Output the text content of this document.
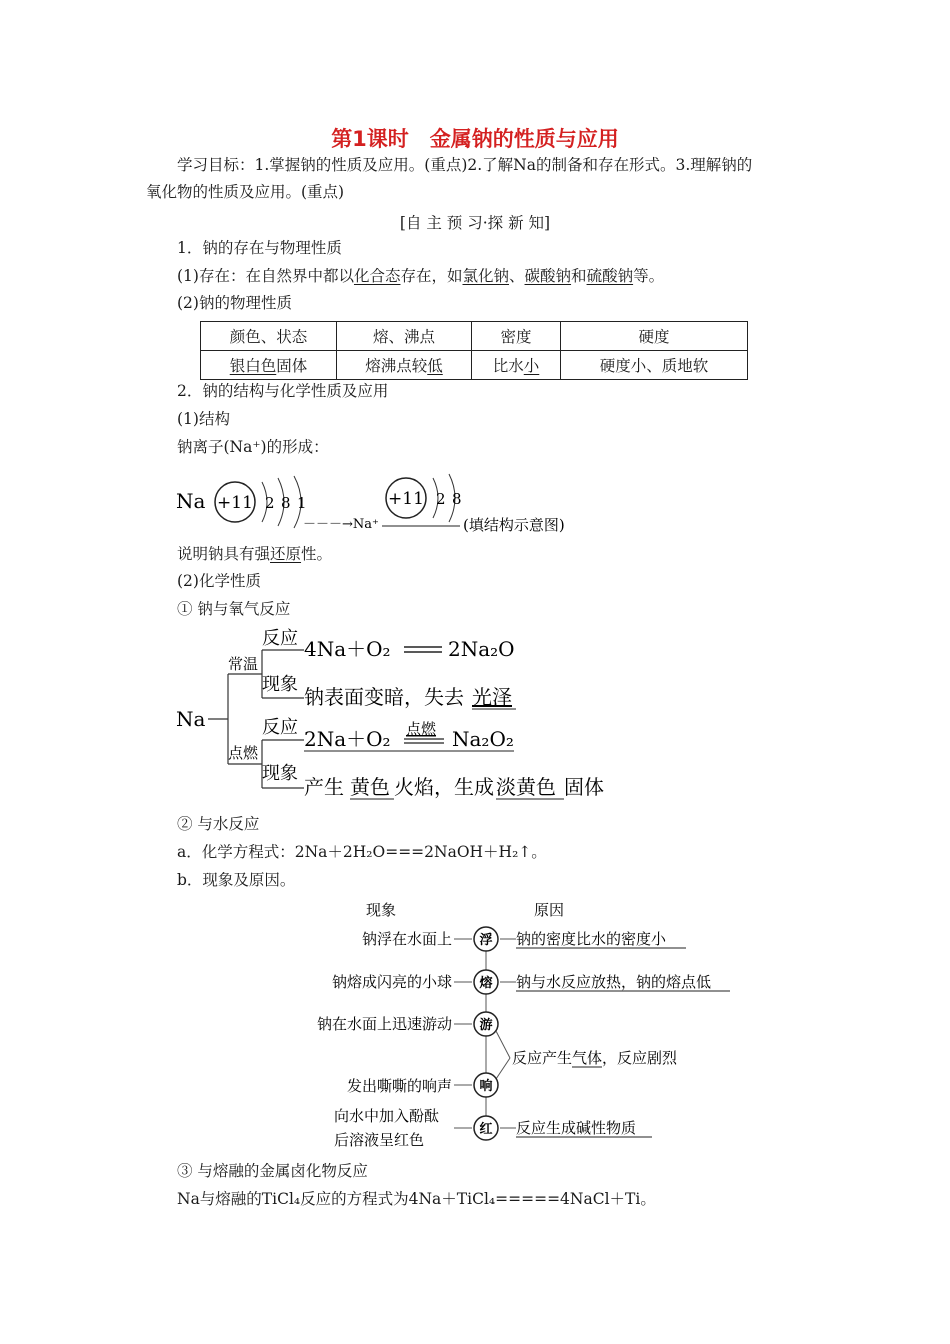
第1课时　金属钠的性质与应用
学习目标：1.掌握钠的性质及应用。(重点)2.了解Na的制备和存在形式。3.理解钠的
氧化物的性质及应用。(重点)
[自 主 预 习·探 新 知]
1．钠的存在与物理性质
(1)存在：在自然界中都以化合态存在，如氯化钠、碳酸钠和硫酸钠等。
(2)钠的物理性质
颜色、状态	熔、沸点	密度	硬度
银白色固体	熔沸点较低	比水小	硬度小、质地软
2．钠的结构与化学性质及应用
(1)结构
钠离子(Na⁺)的形成：
Na +11 2 8 1
－－－→Na⁺
+11 2 8
(填结构示意图)
说明钠具有强还原性。
(2)化学性质
① 钠与氧气反应
Na
常温
点燃
反应
现象
4Na＋O₂	2Na₂O
钠表面变暗，失去 光泽
反应
现象
2Na＋O₂ 点燃 Na₂O₂
产生 黄色 火焰，生成 淡黄色 固体
② 与水反应
a．化学方程式：2Na＋2H₂O===2NaOH＋H₂↑。
b．现象及原因。
现象	原因
钠浮在水面上 浮 钠的密度比水的密度小
钠熔成闪亮的小球 熔 钠与水反应放热，钠的熔点低
钠在水面上迅速游动 游
反应产生 气体 ，反应剧烈
发出嘶嘶的响声 响
向水中加入酚酞
后溶液呈红色
红 反应生成碱性物质
③ 与熔融的金属卤化物反应
Na与熔融的TiCl₄反应的方程式为4Na＋TiCl₄=====4NaCl＋Ti。
